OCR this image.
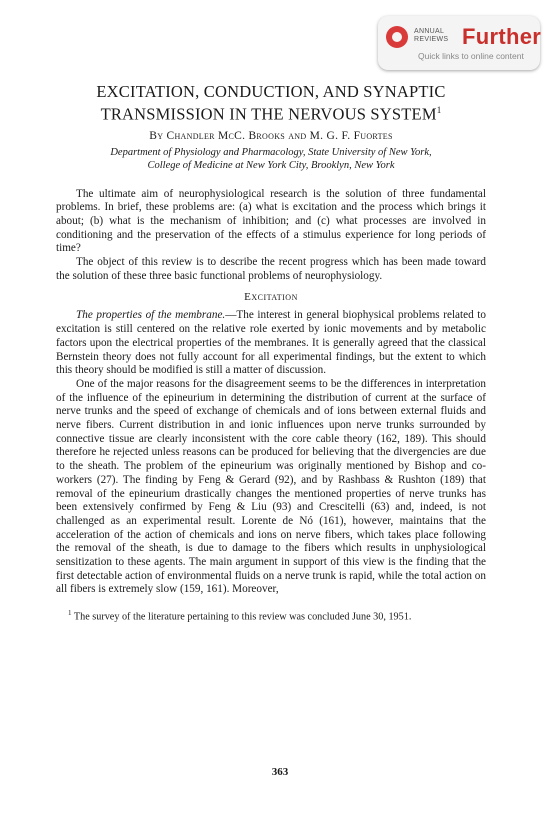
ANNUAL REVIEWS Further
Quick links to online content
EXCITATION, CONDUCTION, AND SYNAPTIC
TRANSMISSION IN THE NERVOUS SYSTEM$^1$

By Chandler McC. Brooks and M. G. F. Fuortes

Department of Physiology and Pharmacology, State University of New York,
College of Medicine at New York City, Brooklyn, New York

The ultimate aim of neurophysiological research is the solution of three fundamental problems. In brief, these problems are: (a) what is excitation and the process which brings it about; (b) what is the mechanism of inhibition; and (c) what processes are involved in conditioning and the preservation of the effects of a stimulus experience for long periods of time?

The object of this review is to describe the recent progress which has been made toward the solution of these three basic functional problems of neurophysiology.

Excitation

The properties of the membrane.—The interest in general biophysical problems related to excitation is still centered on the relative role exerted by ionic movements and by metabolic factors upon the electrical properties of the membranes. It is generally agreed that the classical Bernstein theory does not fully account for all experimental findings, but the extent to which this theory should be modified is still a matter of discussion.

One of the major reasons for the disagreement seems to be the differences in interpretation of the influence of the epineurium in determining the distribution of current at the surface of nerve trunks and the speed of exchange of chemicals and of ions between external fluids and nerve fibers. Current distribution in and ionic influences upon nerve trunks surrounded by connective tissue are clearly inconsistent with the core cable theory (162, 189). This should therefore he rejected unless reasons can be produced for believing that the divergencies are due to the sheath. The problem of the epineurium was originally mentioned by Bishop and co-workers (27). The finding by Feng & Gerard (92), and by Rashbass & Rushton (189) that removal of the epineurium drastically changes the mentioned properties of nerve trunks has been extensively confirmed by Feng & Liu (93) and Crescitelli (63) and, indeed, is not challenged as an experimental result. Lorente de Nó (161), however, maintains that the acceleration of the action of chemicals and ions on nerve fibers, which takes place following the removal of the sheath, is due to damage to the fibers which results in unphysiological sensitization to these agents. The main argument in support of this view is the finding that the first detectable action of environmental fluids on a nerve trunk is rapid, while the total action on all fibers is extremely slow (159, 161). Moreover,

$^1$ The survey of the literature pertaining to this review was concluded June 30, 1951.

363
